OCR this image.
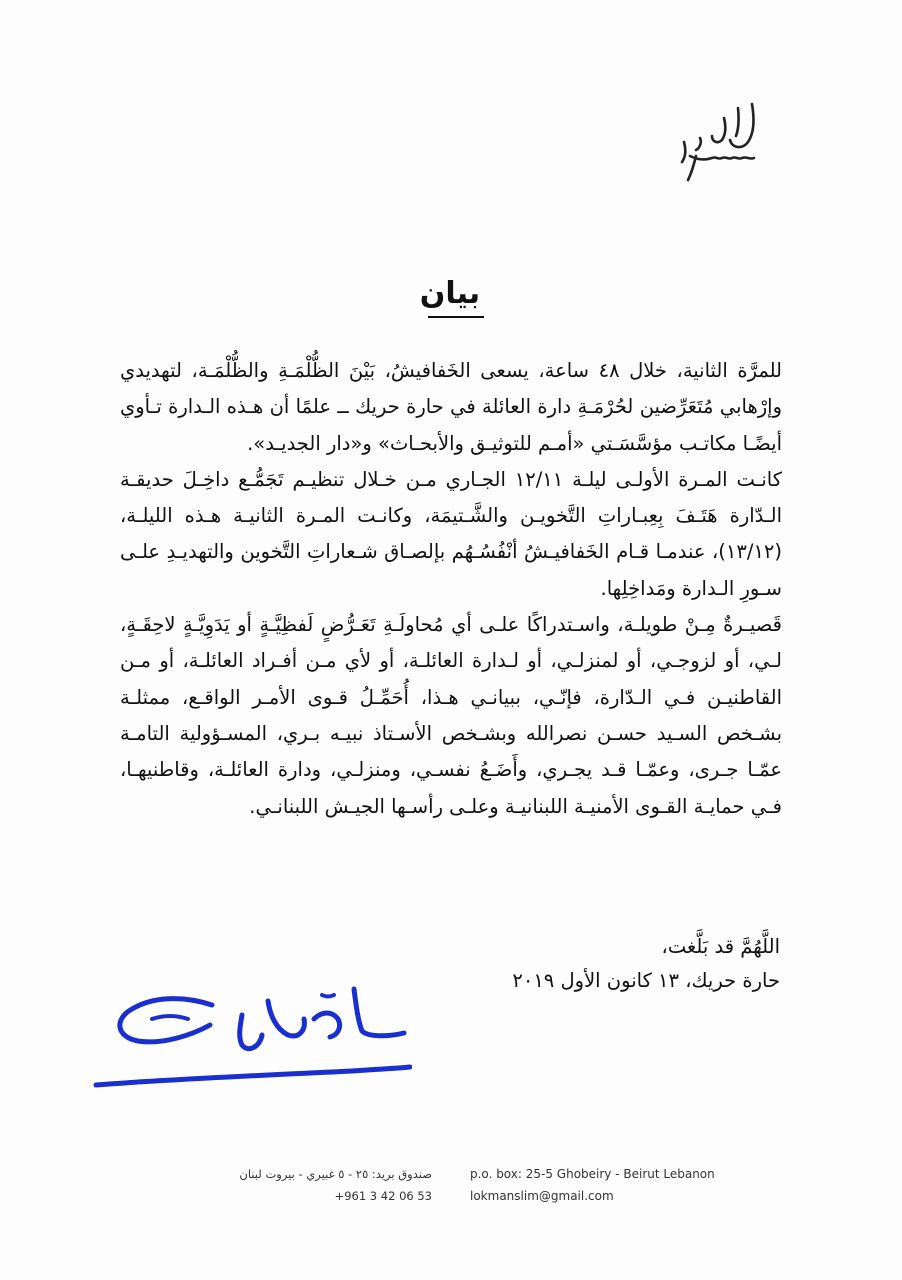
بيان

للمرَّة الثانية، خلال ٤٨ ساعة، يسعى الخَفافيشُ، بَيْنَ الظُّلْمَـةِ والظُّلْمَـة، لتهديدي وإرْهابي مُتَعَرِّضين لحُرْمَـةِ دارة العائلة في حارة حريك ــ علمًا أن هـذه الـدارة تـأوي أيضًـا مكاتـب مؤسَّسَـتي «أمـم للتوثيـق والأبحـاث» و«دار الجديـد».

كانـت المـرة الأولـى ليلـة ١٢/١١ الجـاري مـن خـلال تنظيـم تَجَمُّـع داخِـلَ حديقـة الـدّارة هَتَـفَ بِعِبـاراتِ التَّخويـن والشَّـتيمَة، وكانـت المـرة الثانيـة هـذه الليلـة، (١٣/١٢)، عندمـا قـام الخَفافيـشُ أنْفُسُـهُم بإلصـاق شـعاراتِ التَّخوين والتهديـدِ علـى سـورِ الـدارة ومَداخِلِها.

قَصيـرةٌ مِـنْ طويلـة، واسـتدراكًا علـى أي مُحاولَـةِ تَعَـرُّضٍ لَفظِيَّـةٍ أو يَدَوِيَّـةٍ لاحِقَـةٍ، لـي، أو لزوجـي، أو لمنزلـي، أو لـدارة العائلـة، أو لأي مـن أفـراد العائلـة، أو مـن القاطنيـن فـي الـدّارة، فإنّـي، ببيانـي هـذا، أُحَمِّـلُ قـوى الأمـر الواقـع، ممثلـة بشـخص السـيد حسـن نصرالله وبشـخص الأسـتاذ نبيـه بـري، المسـؤولية التامـة عمّـا جـرى، وعمّـا قـد يجـري، وأَضَـعُ نفسـي، ومنزلـي، ودارة العائلـة، وقاطنيهـا، فـي حمايـة القـوى الأمنيـة اللبنانيـة وعلـى رأسـها الجيـش اللبنانـي.

اللَّهُمَّ قد بَلَّغت،
حارة حريك، ١٣ كانون الأول ٢٠١٩
صندوق بريد: ٢٥ - ٥ غبيري - بيروت لبنان
+961 3 42 06 53
p.o. box: 25-5 Ghobeiry - Beirut Lebanon
lokmanslim@gmail.com
